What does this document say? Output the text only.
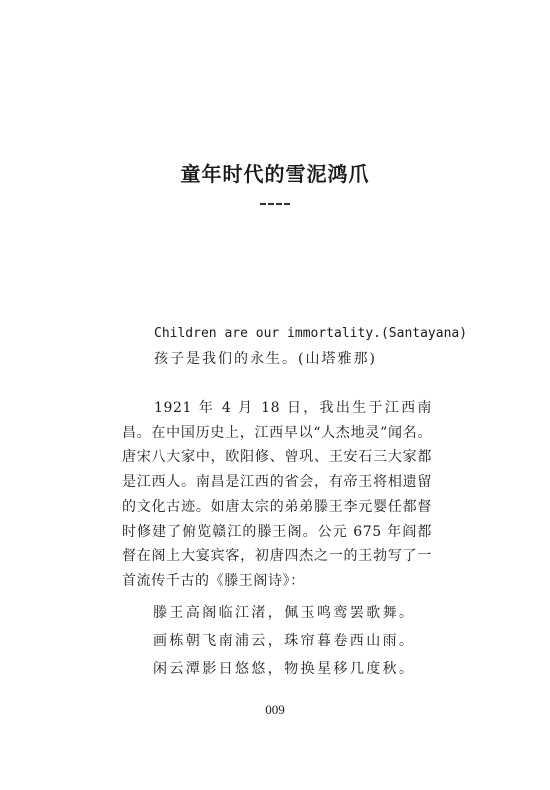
童年时代的雪泥鸿爪
Children are our immortality.(Santayana)
孩子是我们的永生。(山塔雅那)

1921 年 4 月 18 日，我出生于江西南昌。在中国历史上，江西早以“人杰地灵”闻名。唐宋八大家中，欧阳修、曾巩、王安石三大家都是江西人。南昌是江西的省会，有帝王将相遗留的文化古迹。如唐太宗的弟弟滕王李元婴任都督时修建了俯览赣江的滕王阁。公元 675 年阎都督在阁上大宴宾客，初唐四杰之一的王勃写了一首流传千古的《滕王阁诗》：

滕王高阁临江渚，佩玉鸣鸾罢歌舞。
画栋朝飞南浦云，珠帘暮卷西山雨。
闲云潭影日悠悠，物换星移几度秋。
009
